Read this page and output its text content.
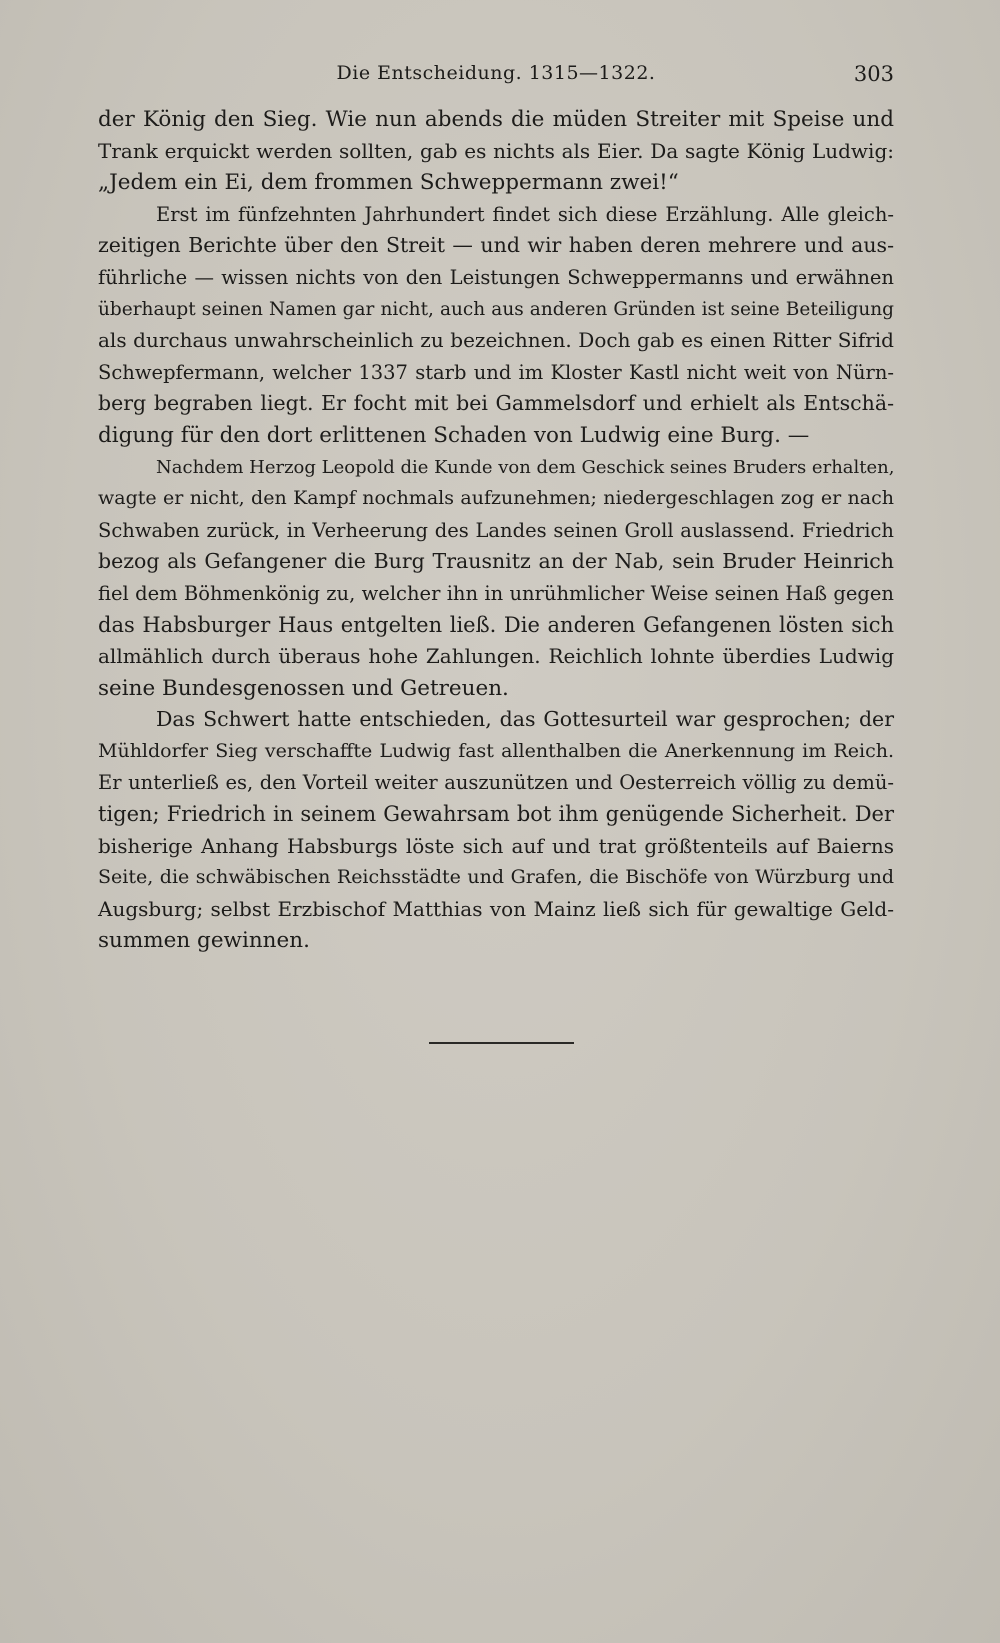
Die Entscheidung. 1315—1322.	303
der König den Sieg. Wie nun abends die müden Streiter mit Speise und
Trank erquickt werden sollten, gab es nichts als Eier. Da sagte König Ludwig:
„Jedem ein Ei, dem frommen Schweppermann zwei!“
Erst im fünfzehnten Jahrhundert findet sich diese Erzählung. Alle gleich-
zeitigen Berichte über den Streit — und wir haben deren mehrere und aus-
führliche — wissen nichts von den Leistungen Schweppermanns und erwähnen
überhaupt seinen Namen gar nicht, auch aus anderen Gründen ist seine Beteiligung
als durchaus unwahrscheinlich zu bezeichnen. Doch gab es einen Ritter Sifrid
Schwepfermann, welcher 1337 starb und im Kloster Kastl nicht weit von Nürn-
berg begraben liegt. Er focht mit bei Gammelsdorf und erhielt als Entschä-
digung für den dort erlittenen Schaden von Ludwig eine Burg. —
Nachdem Herzog Leopold die Kunde von dem Geschick seines Bruders erhalten,
wagte er nicht, den Kampf nochmals aufzunehmen; niedergeschlagen zog er nach
Schwaben zurück, in Verheerung des Landes seinen Groll auslassend. Friedrich
bezog als Gefangener die Burg Trausnitz an der Nab, sein Bruder Heinrich
fiel dem Böhmenkönig zu, welcher ihn in unrühmlicher Weise seinen Haß gegen
das Habsburger Haus entgelten ließ. Die anderen Gefangenen lösten sich
allmählich durch überaus hohe Zahlungen. Reichlich lohnte überdies Ludwig
seine Bundesgenossen und Getreuen.
Das Schwert hatte entschieden, das Gottesurteil war gesprochen; der
Mühldorfer Sieg verschaffte Ludwig fast allenthalben die Anerkennung im Reich.
Er unterließ es, den Vorteil weiter auszunützen und Oesterreich völlig zu demü-
tigen; Friedrich in seinem Gewahrsam bot ihm genügende Sicherheit. Der
bisherige Anhang Habsburgs löste sich auf und trat größtenteils auf Baierns
Seite, die schwäbischen Reichsstädte und Grafen, die Bischöfe von Würzburg und
Augsburg; selbst Erzbischof Matthias von Mainz ließ sich für gewaltige Geld-
summen gewinnen.
